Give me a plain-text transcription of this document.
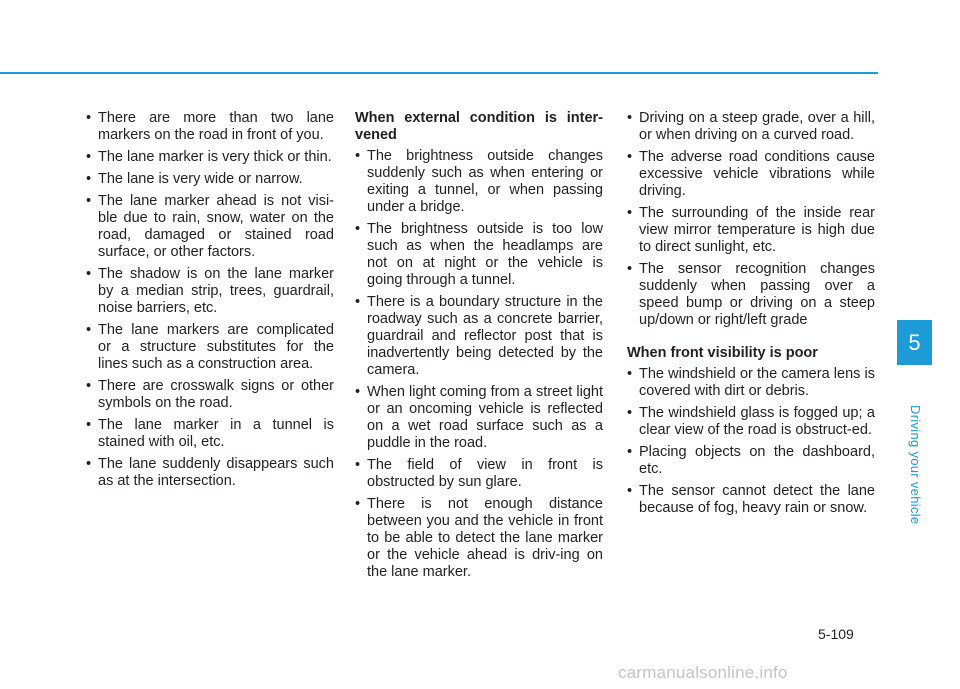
• There are more than two lane markers on the road in front of you.
• The lane marker is very thick or thin.
• The lane is very wide or narrow.
• The lane marker ahead is not visi-ble due to rain, snow, water on the road, damaged or stained road surface, or other factors.
• The shadow is on the lane marker by a median strip, trees, guardrail, noise barriers, etc.
• The lane markers are complicated or a structure substitutes for the lines such as a construction area.
• There are crosswalk signs or other symbols on the road.
• The lane marker in a tunnel is stained with oil, etc.
• The lane suddenly disappears such as at the intersection.
When external condition is inter-vened
• The brightness outside changes suddenly such as when entering or exiting a tunnel, or when passing under a bridge.
• The brightness outside is too low such as when the headlamps are not on at night or the vehicle is going through a tunnel.
• There is a boundary structure in the roadway such as a concrete barrier, guardrail and reflector post that is inadvertently being detected by the camera.
• When light coming from a street light or an oncoming vehicle is reflected on a wet road surface such as a puddle in the road.
• The field of view in front is obstructed by sun glare.
• There is not enough distance between you and the vehicle in front to be able to detect the lane marker or the vehicle ahead is driv-ing on the lane marker.
• Driving on a steep grade, over a hill, or when driving on a curved road.
• The adverse road conditions cause excessive vehicle vibrations while driving.
• The surrounding of the inside rear view mirror temperature is high due to direct sunlight, etc.
• The sensor recognition changes suddenly when passing over a speed bump or driving on a steep up/down or right/left grade
When front visibility is poor
• The windshield or the camera lens is covered with dirt or debris.
• The windshield glass is fogged up; a clear view of the road is obstruct-ed.
• Placing objects on the dashboard, etc.
• The sensor cannot detect the lane because of fog, heavy rain or snow.
5
Driving your vehicle
5-109
carmanualsonline.info
